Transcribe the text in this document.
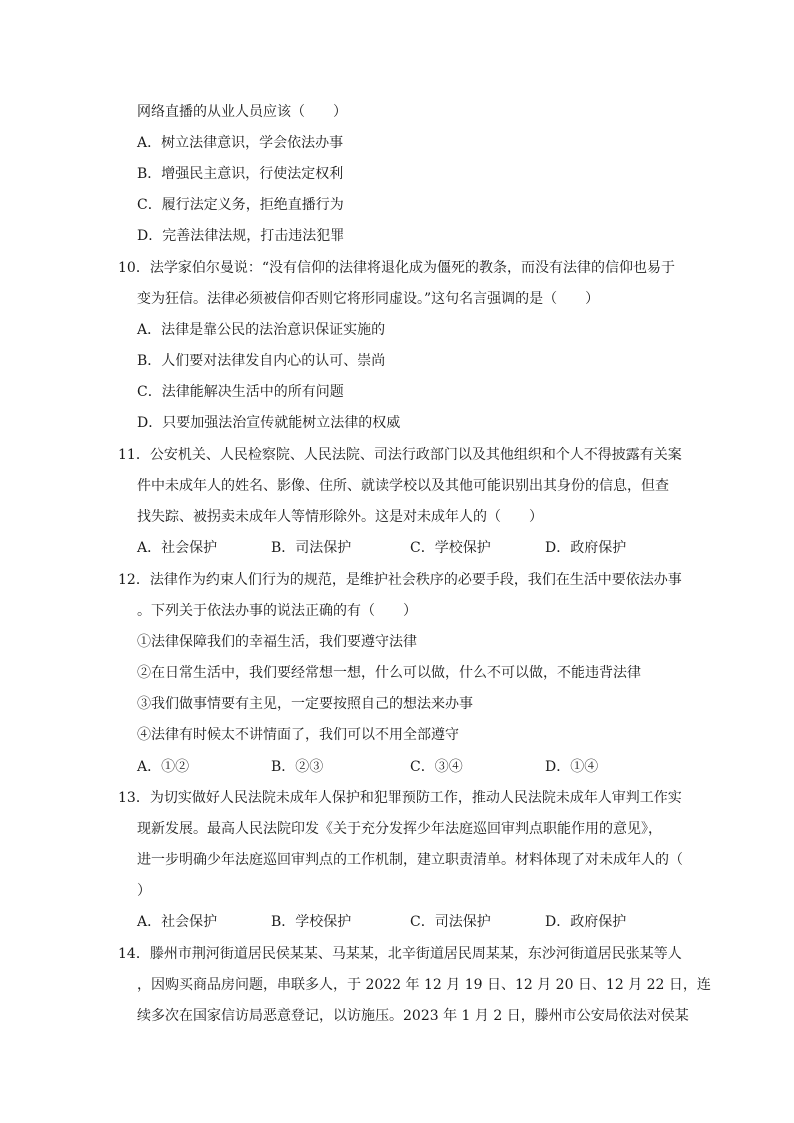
网络直播的从业人员应该（　　）

A．树立法律意识，学会依法办事

B．增强民主意识，行使法定权利

C．履行法定义务，拒绝直播行为

D．完善法律法规，打击违法犯罪

10．法学家伯尔曼说：“没有信仰的法律将退化成为僵死的教条，而没有法律的信仰也易于

变为狂信。法律必须被信仰否则它将形同虚设。”这句名言强调的是（　　）

A．法律是靠公民的法治意识保证实施的

B．人们要对法律发自内心的认可、崇尚

C．法律能解决生活中的所有问题

D．只要加强法治宣传就能树立法律的权威

11．公安机关、人民检察院、人民法院、司法行政部门以及其他组织和个人不得披露有关案

件中未成年人的姓名、影像、住所、就读学校以及其他可能识别出其身份的信息，但查

找失踪、被拐卖未成年人等情形除外。这是对未成年人的（　　）

A．社会保护	B．司法保护	C．学校保护	D．政府保护

12．法律作为约束人们行为的规范，是维护社会秩序的必要手段，我们在生活中要依法办事

。下列关于依法办事的说法正确的有（　　）

①法律保障我们的幸福生活，我们要遵守法律

②在日常生活中，我们要经常想一想，什么可以做，什么不可以做，不能违背法律

③我们做事情要有主见，一定要按照自己的想法来办事

④法律有时候太不讲情面了，我们可以不用全部遵守

A．①②	B．②③	C．③④	D．①④

13．为切实做好人民法院未成年人保护和犯罪预防工作，推动人民法院未成年人审判工作实

现新发展。最高人民法院印发《关于充分发挥少年法庭巡回审判点职能作用的意见》，

进一步明确少年法庭巡回审判点的工作机制，建立职责清单。材料体现了对未成年人的（

）

A．社会保护	B．学校保护	C．司法保护	D．政府保护

14．滕州市荆河街道居民侯某某、马某某，北辛街道居民周某某，东沙河街道居民张某等人

，因购买商品房问题，串联多人，于 2022 年 12 月 19 日、12 月 20 日、12 月 22 日，连

续多次在国家信访局恶意登记，以访施压。2023 年 1 月 2 日，滕州市公安局依法对侯某
